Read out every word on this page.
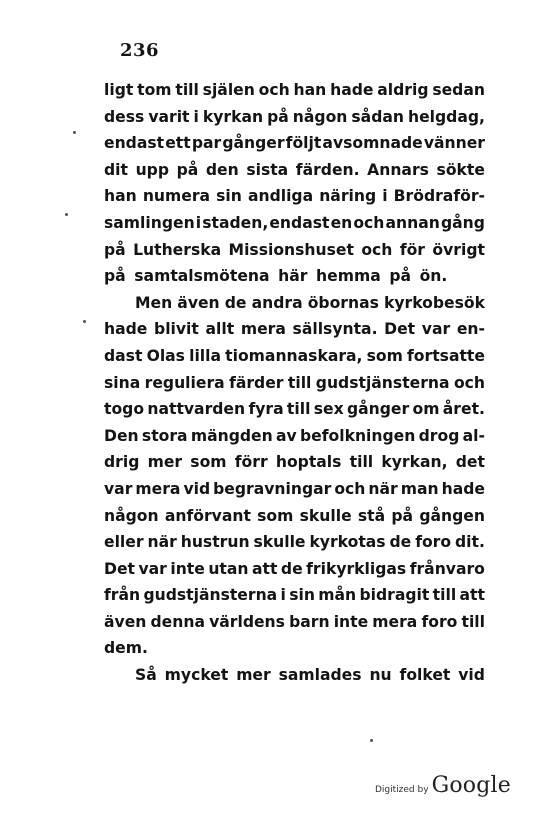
236
ligt tom till själen och han hade aldrig sedan
dess varit i kyrkan på någon sådan helgdag,
endast ett par gånger följt avsomnade vänner
dit upp på den sista färden. Annars sökte
han numera sin andliga näring i Brödraför-
samlingen i staden, endast en och annan gång
på Lutherska Missionshuset och för övrigt
på samtalsmötena här hemma på ön.
Men även de andra öbornas kyrkobesök
hade blivit allt mera sällsynta. Det var en-
dast Olas lilla tiomannaskara, som fortsatte
sina reguliera färder till gudstjänsterna och
togo nattvarden fyra till sex gånger om året.
Den stora mängden av befolkningen drog al-
drig mer som förr hoptals till kyrkan, det
var mera vid begravningar och när man hade
någon anförvant som skulle stå på gången
eller när hustrun skulle kyrkotas de foro dit.
Det var inte utan att de frikyrkligas frånvaro
från gudstjänsterna i sin mån bidragit till att
även denna världens barn inte mera foro till
dem.
Så mycket mer samlades nu folket vid
Digitized by Google
